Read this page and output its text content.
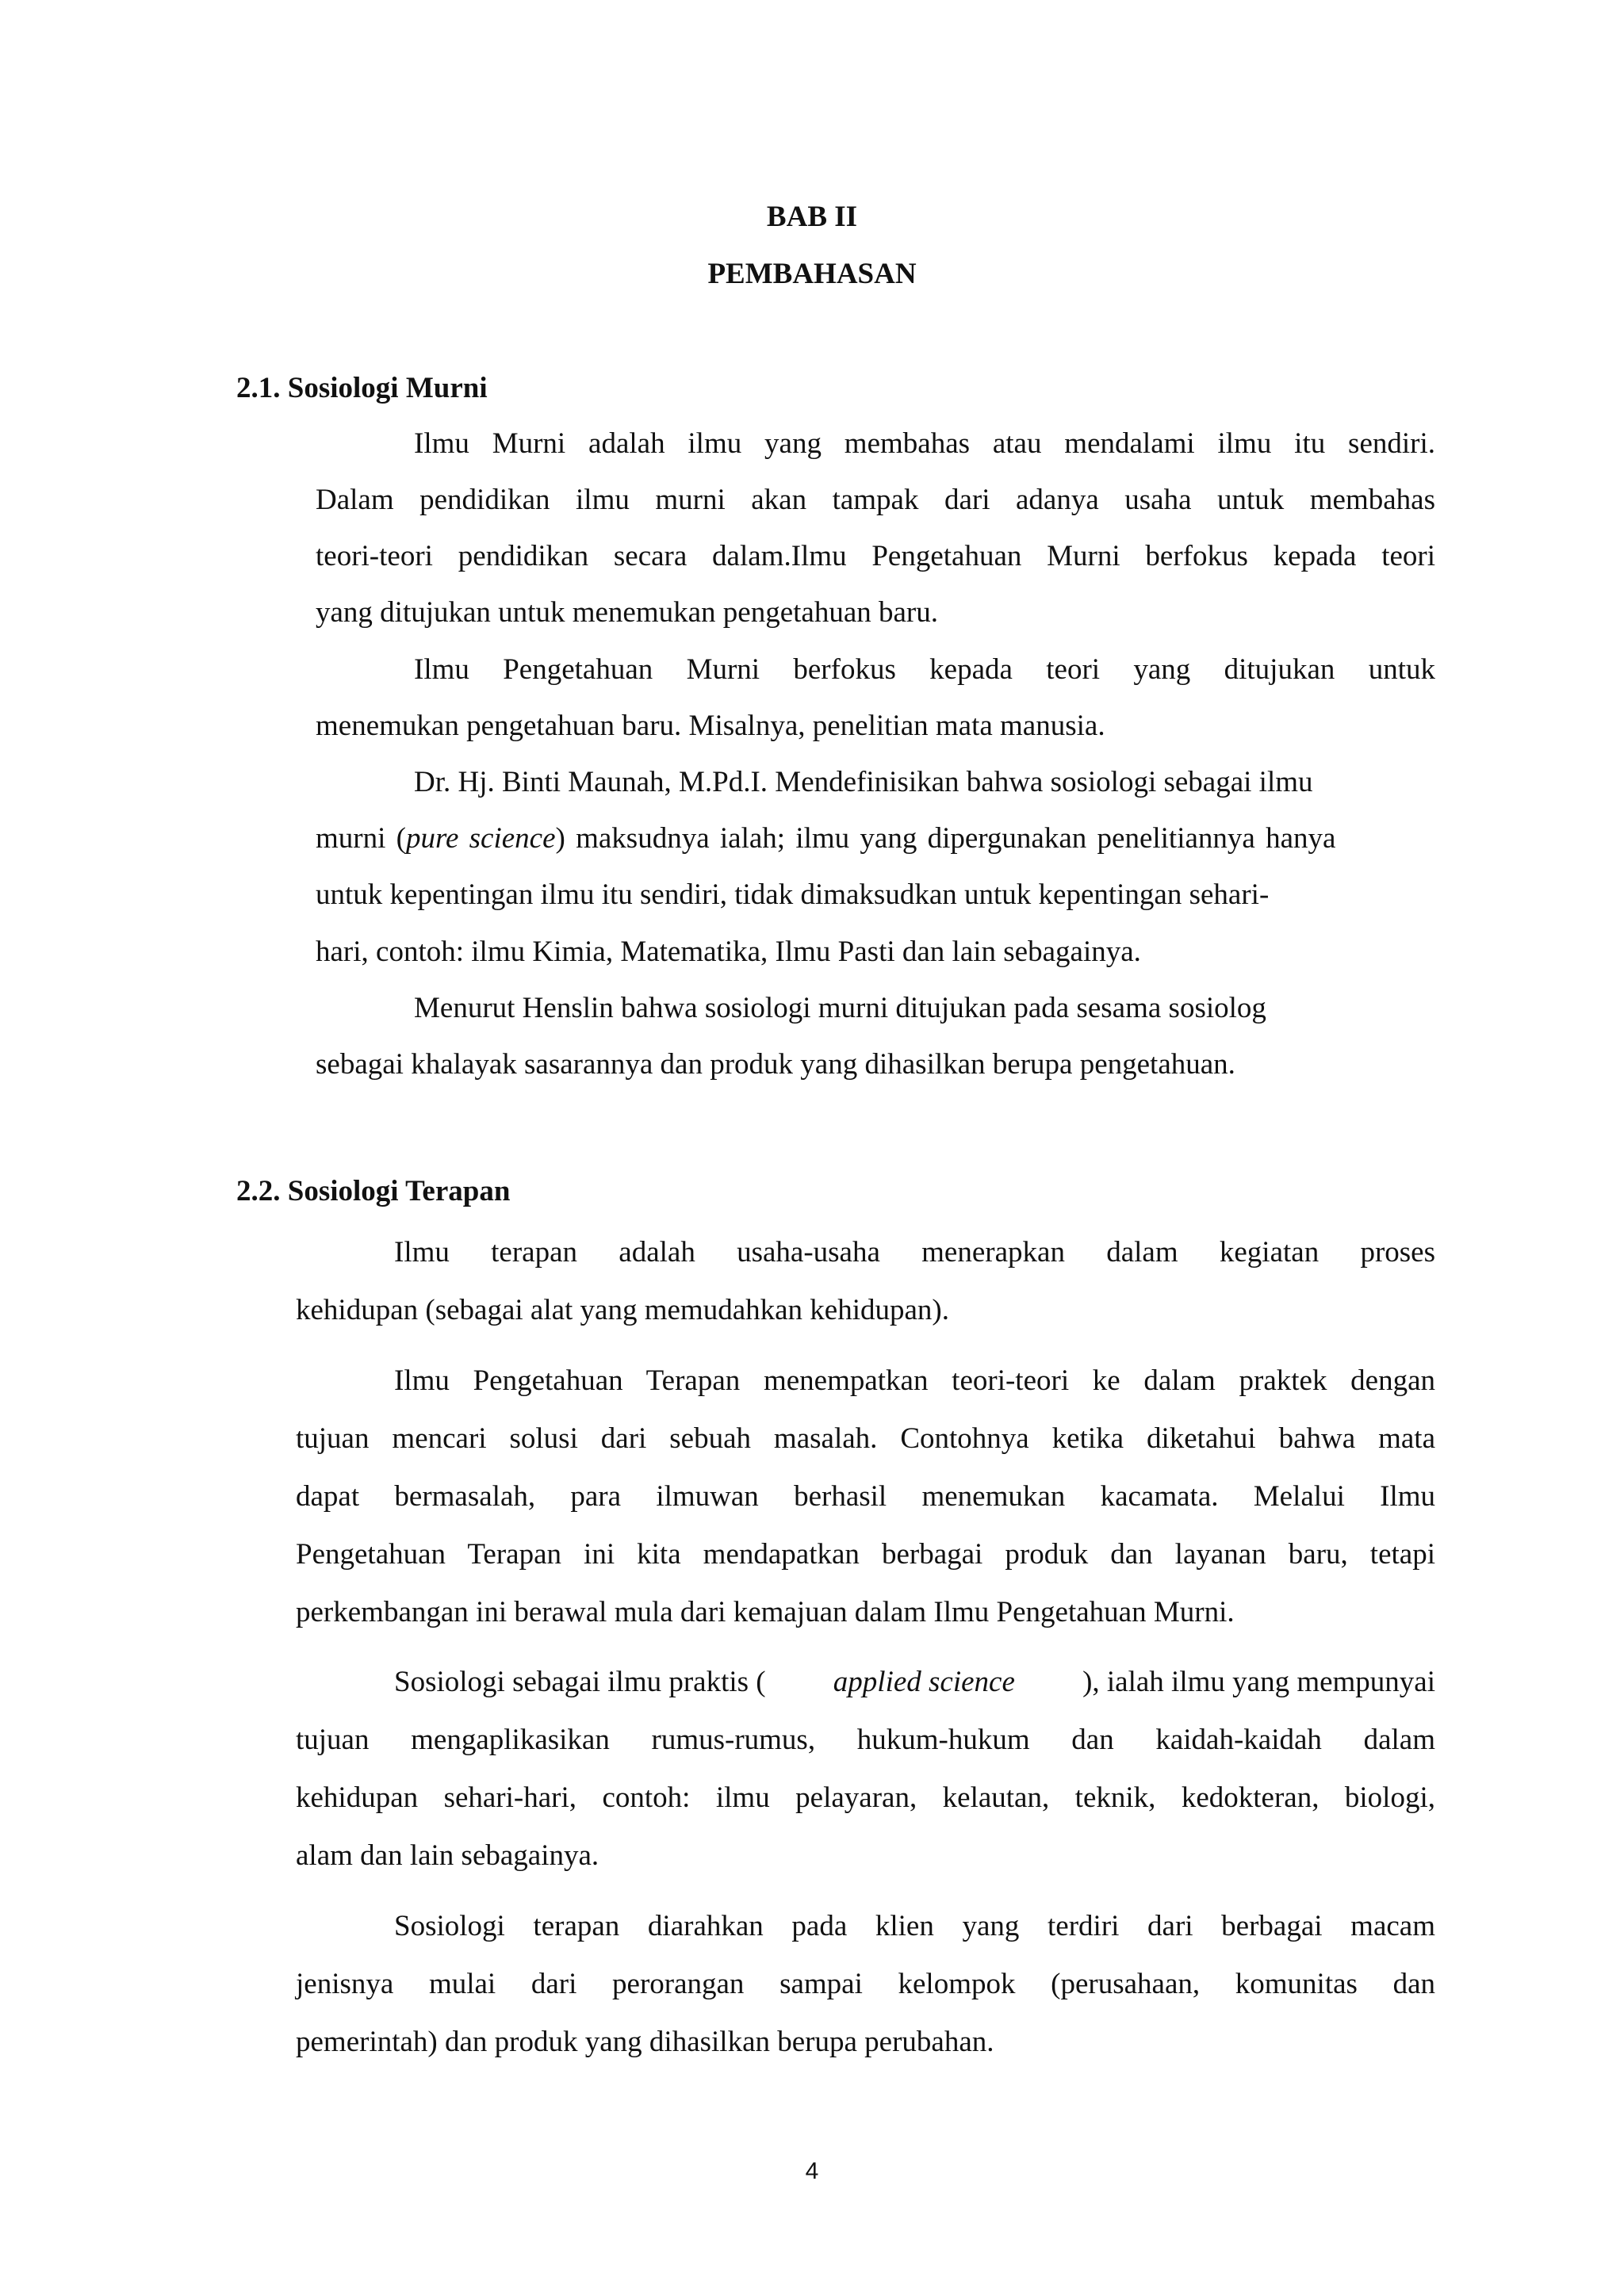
BAB II
PEMBAHASAN
2.1. Sosiologi Murni
Ilmu Murni adalah ilmu yang membahas atau mendalami ilmu itu sendiri.
Dalam pendidikan ilmu murni akan tampak dari adanya usaha untuk membahas
teori-teori pendidikan secara dalam.Ilmu Pengetahuan Murni berfokus kepada teori
yang ditujukan untuk menemukan pengetahuan baru.
Ilmu Pengetahuan Murni berfokus kepada teori yang ditujukan untuk
menemukan pengetahuan baru. Misalnya, penelitian mata manusia.
Dr. Hj. Binti Maunah, M.Pd.I. Mendefinisikan bahwa sosiologi sebagai ilmu
murni (pure science) maksudnya ialah; ilmu yang dipergunakan penelitiannya hanya
untuk kepentingan ilmu itu sendiri, tidak dimaksudkan untuk kepentingan sehari-
hari, contoh: ilmu Kimia, Matematika, Ilmu Pasti dan lain sebagainya.
Menurut Henslin bahwa sosiologi murni ditujukan pada sesama sosiolog
sebagai khalayak sasarannya dan produk yang dihasilkan berupa pengetahuan.
2.2. Sosiologi Terapan
Ilmu terapan adalah usaha-usaha menerapkan dalam kegiatan proses
kehidupan (sebagai alat yang memudahkan kehidupan).
Ilmu Pengetahuan Terapan menempatkan teori-teori ke dalam praktek dengan
tujuan mencari solusi dari sebuah masalah. Contohnya ketika diketahui bahwa mata
dapat bermasalah, para ilmuwan berhasil menemukan kacamata. Melalui Ilmu
Pengetahuan Terapan ini kita mendapatkan berbagai produk dan layanan baru, tetapi
perkembangan ini berawal mula dari kemajuan dalam Ilmu Pengetahuan Murni.
Sosiologi sebagai ilmu praktis ( applied science ), ialah ilmu yang mempunyai
tujuan mengaplikasikan rumus-rumus, hukum-hukum dan kaidah-kaidah dalam
kehidupan sehari-hari, contoh: ilmu pelayaran, kelautan, teknik, kedokteran, biologi,
alam dan lain sebagainya.
Sosiologi terapan diarahkan pada klien yang terdiri dari berbagai macam
jenisnya mulai dari perorangan sampai kelompok (perusahaan, komunitas dan
pemerintah) dan produk yang dihasilkan berupa perubahan.
4
